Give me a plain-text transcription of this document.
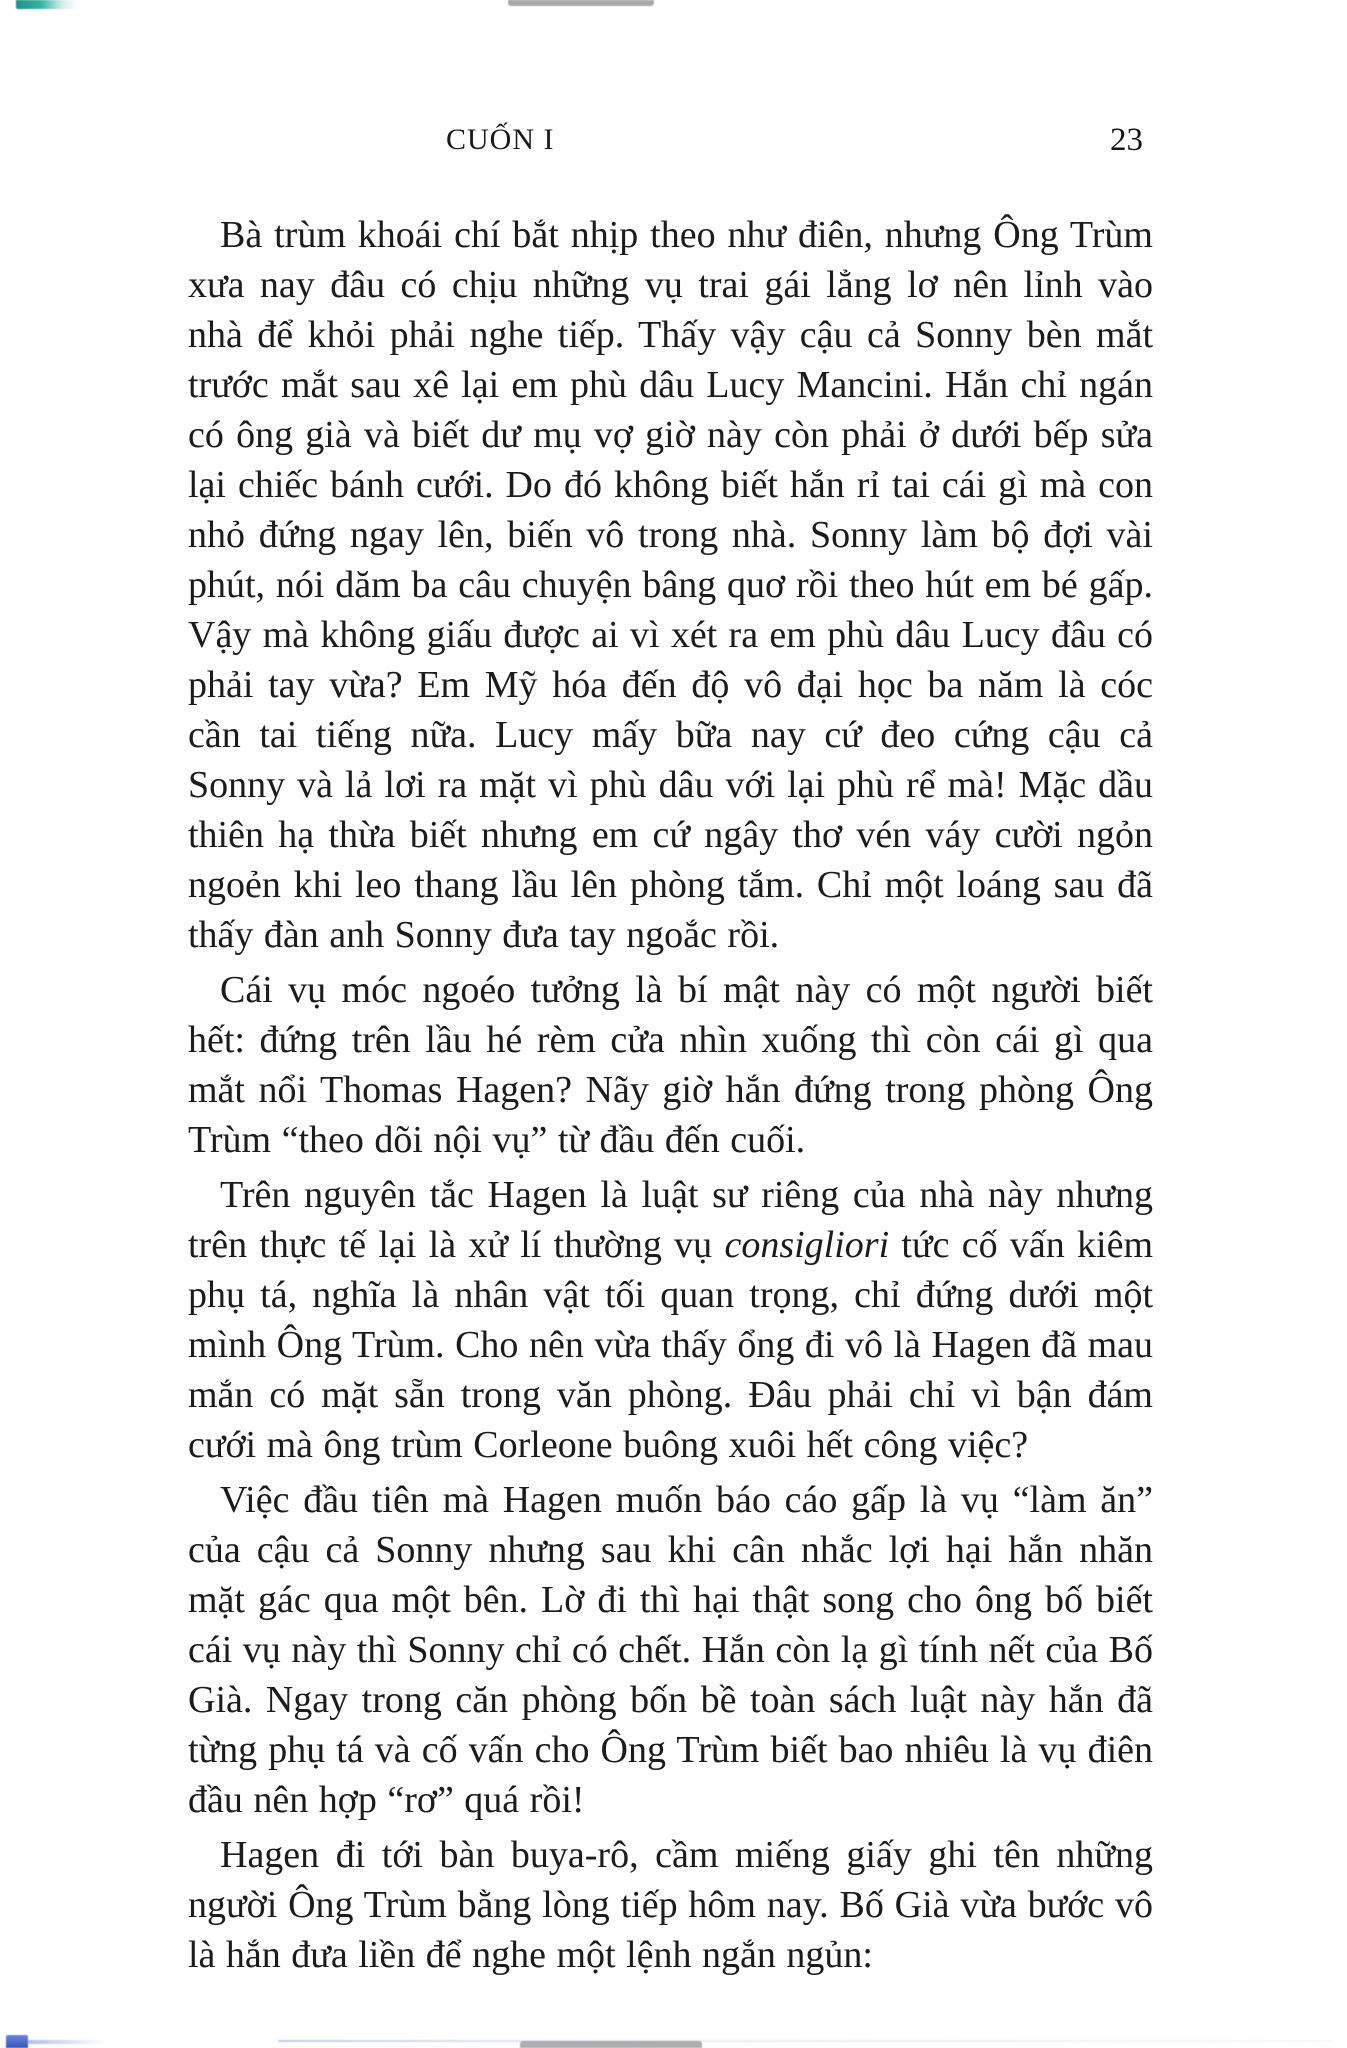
CUỐN I	23

Bà trùm khoái chí bắt nhịp theo như điên, nhưng Ông Trùm xưa nay đâu có chịu những vụ trai gái lẳng lơ nên lỉnh vào nhà để khỏi phải nghe tiếp. Thấy vậy cậu cả Sonny bèn mắt trước mắt sau xê lại em phù dâu Lucy Mancini. Hắn chỉ ngán có ông già và biết dư mụ vợ giờ này còn phải ở dưới bếp sửa lại chiếc bánh cưới. Do đó không biết hắn rỉ tai cái gì mà con nhỏ đứng ngay lên, biến vô trong nhà. Sonny làm bộ đợi vài phút, nói dăm ba câu chuyện bâng quơ rồi theo hút em bé gấp. Vậy mà không giấu được ai vì xét ra em phù dâu Lucy đâu có phải tay vừa? Em Mỹ hóa đến độ vô đại học ba năm là cóc cần tai tiếng nữa. Lucy mấy bữa nay cứ đeo cứng cậu cả Sonny và lả lơi ra mặt vì phù dâu với lại phù rể mà! Mặc dầu thiên hạ thừa biết nhưng em cứ ngây thơ vén váy cười ngỏn ngoẻn khi leo thang lầu lên phòng tắm. Chỉ một loáng sau đã thấy đàn anh Sonny đưa tay ngoắc rồi.

Cái vụ móc ngoéo tưởng là bí mật này có một người biết hết: đứng trên lầu hé rèm cửa nhìn xuống thì còn cái gì qua mắt nổi Thomas Hagen? Nãy giờ hắn đứng trong phòng Ông Trùm “theo dõi nội vụ” từ đầu đến cuối.

Trên nguyên tắc Hagen là luật sư riêng của nhà này nhưng trên thực tế lại là xử lí thường vụ consigliori tức cố vấn kiêm phụ tá, nghĩa là nhân vật tối quan trọng, chỉ đứng dưới một mình Ông Trùm. Cho nên vừa thấy ổng đi vô là Hagen đã mau mắn có mặt sẵn trong văn phòng. Đâu phải chỉ vì bận đám cưới mà ông trùm Corleone buông xuôi hết công việc?

Việc đầu tiên mà Hagen muốn báo cáo gấp là vụ “làm ăn” của cậu cả Sonny nhưng sau khi cân nhắc lợi hại hắn nhăn mặt gác qua một bên. Lờ đi thì hại thật song cho ông bố biết cái vụ này thì Sonny chỉ có chết. Hắn còn lạ gì tính nết của Bố Già. Ngay trong căn phòng bốn bề toàn sách luật này hắn đã từng phụ tá và cố vấn cho Ông Trùm biết bao nhiêu là vụ điên đầu nên hợp “rơ” quá rồi!

Hagen đi tới bàn buya-rô, cầm miếng giấy ghi tên những người Ông Trùm bằng lòng tiếp hôm nay. Bố Già vừa bước vô là hắn đưa liền để nghe một lệnh ngắn ngủn:
